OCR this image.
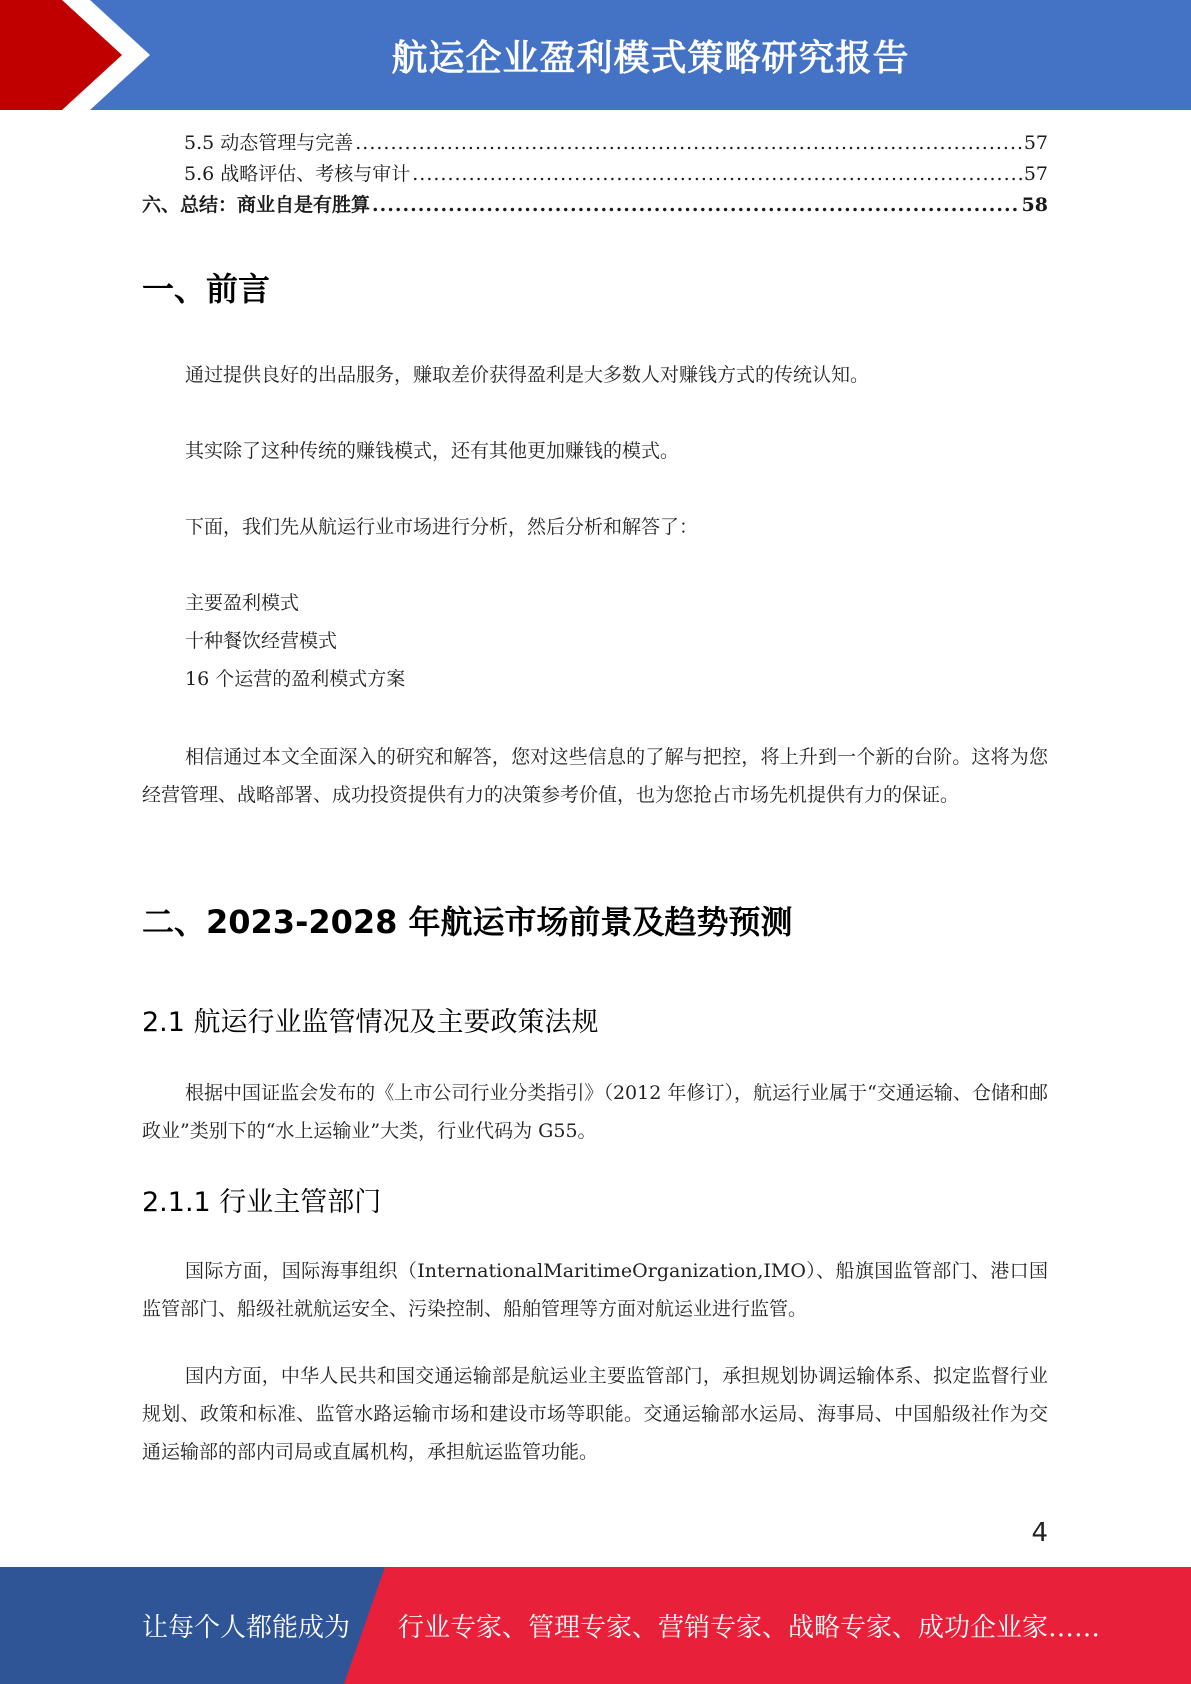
航运企业盈利模式策略研究报告
5.5 动态管理与完善 .....	57
5.6 战略评估、考核与审计 .....	57
六、总结：商业自是有胜算 .....	58
一、前言
通过提供良好的出品服务，赚取差价获得盈利是大多数人对赚钱方式的传统认知。
其实除了这种传统的赚钱模式，还有其他更加赚钱的模式。
下面，我们先从航运行业市场进行分析，然后分析和解答了：
主要盈利模式
十种餐饮经营模式
16 个运营的盈利模式方案
相信通过本文全面深入的研究和解答，您对这些信息的了解与把控，将上升到一个新的台阶。这将为您经营管理、战略部署、成功投资提供有力的决策参考价值，也为您抢占市场先机提供有力的保证。
二、2023-2028 年航运市场前景及趋势预测
2.1 航运行业监管情况及主要政策法规
根据中国证监会发布的《上市公司行业分类指引》（2012 年修订），航运行业属于“交通运输、仓储和邮政业”类别下的“水上运输业”大类，行业代码为 G55。
2.1.1 行业主管部门
国际方面，国际海事组织（InternationalMaritimeOrganization,IMO）、船旗国监管部门、港口国监管部门、船级社就航运安全、污染控制、船舶管理等方面对航运业进行监管。
国内方面，中华人民共和国交通运输部是航运业主要监管部门，承担规划协调运输体系、拟定监督行业规划、政策和标准、监管水路运输市场和建设市场等职能。交通运输部水运局、海事局、中国船级社作为交通运输部的部内司局或直属机构，承担航运监管功能。
4
让每个人都能成为 行业专家、管理专家、营销专家、战略专家、成功企业家……
